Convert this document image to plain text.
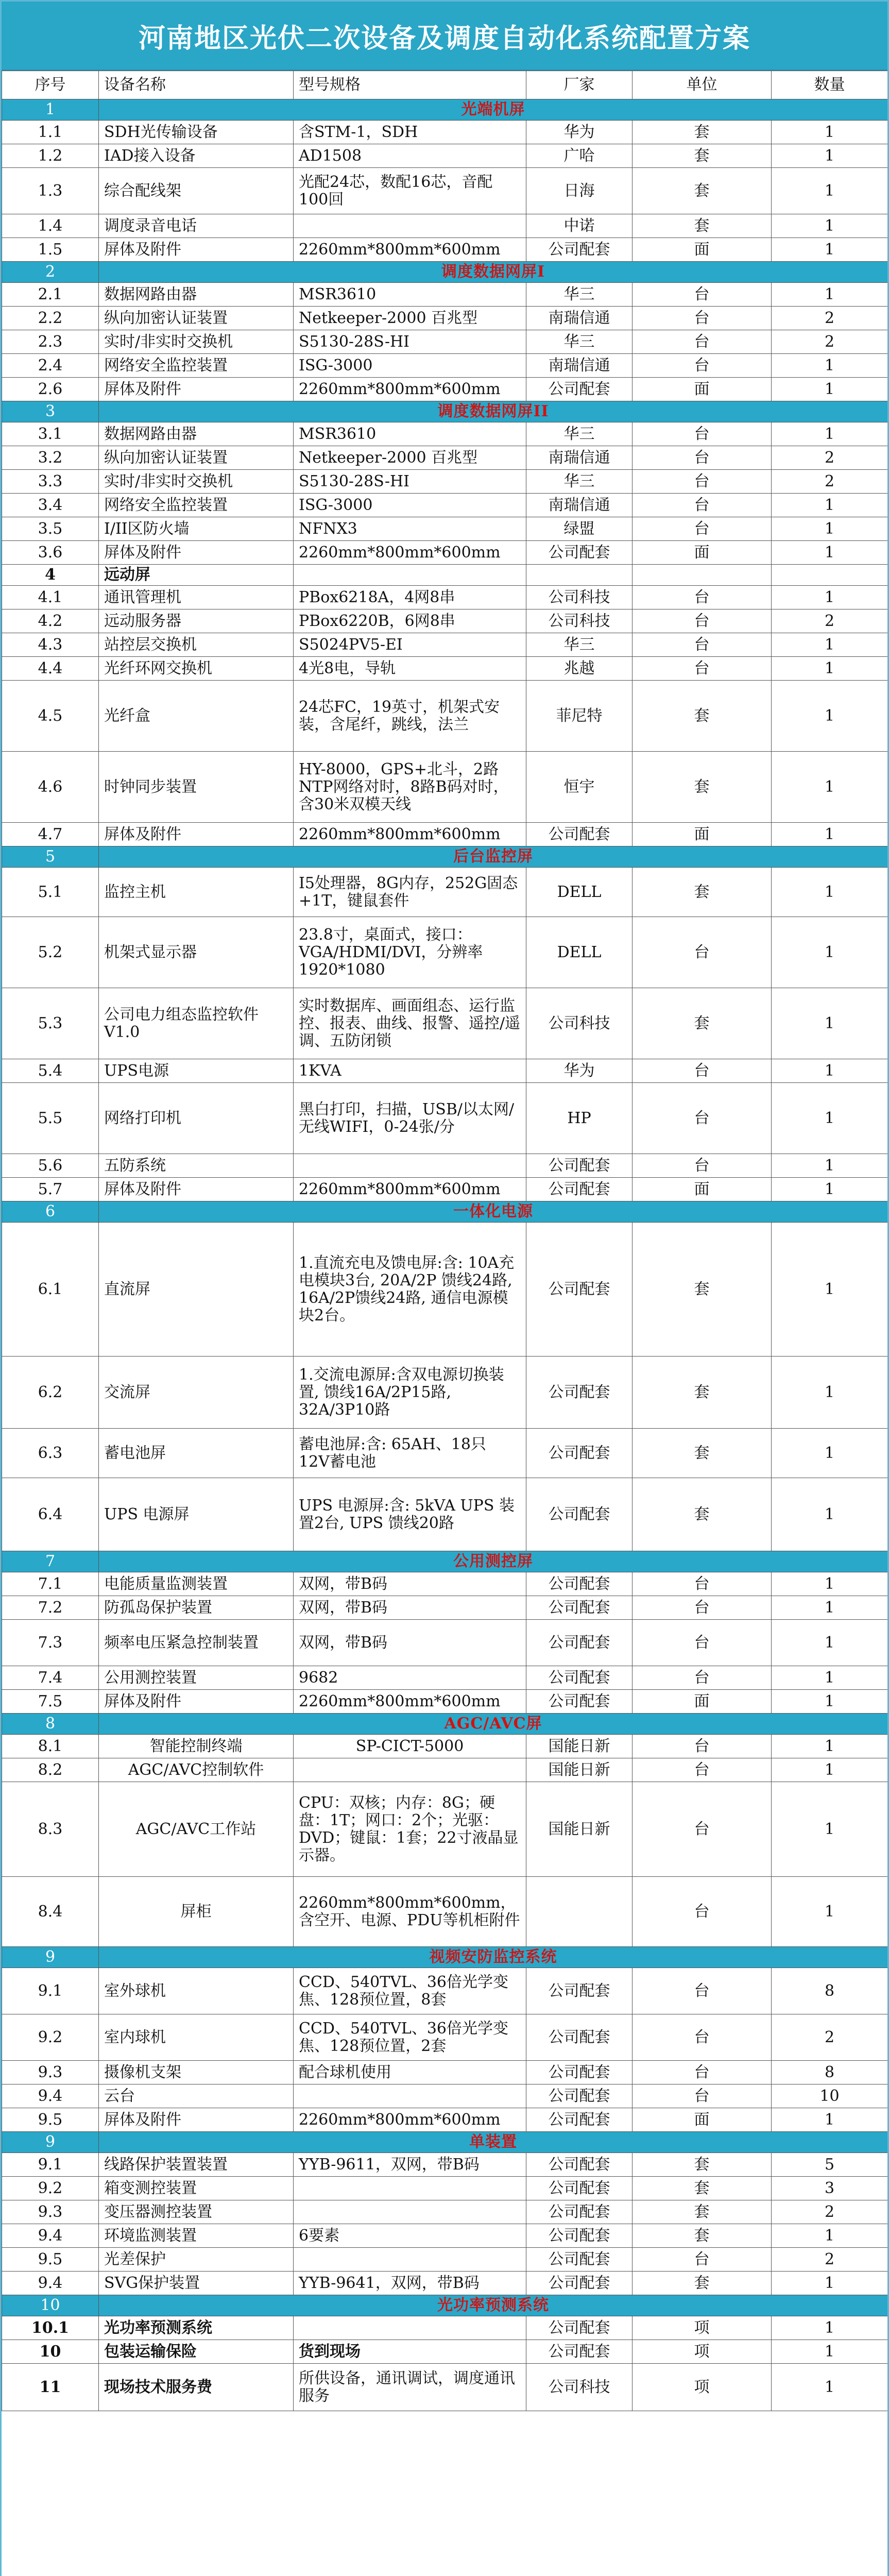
河南地区光伏二次设备及调度自动化系统配置方案
序号	设备名称	型号规格	厂家	单位	数量
1	光端机屏				
1.1	SDH光传输设备	含STM-1，SDH	华为	套	1
1.2	IAD接入设备	AD1508	广哈	套	1
1.3	综合配线架	光配24芯，数配16芯，音配100回	日海	套	1
1.4	调度录音电话		中诺	套	1
1.5	屏体及附件	2260mm*800mm*600mm	公司配套	面	1
2	调度数据网屏I				
2.1	数据网路由器	MSR3610	华三	台	1
2.2	纵向加密认证装置	Netkeeper-2000 百兆型	南瑞信通	台	2
2.3	实时/非实时交换机	S5130-28S-HI	华三	台	2
2.4	网络安全监控装置	ISG-3000	南瑞信通	台	1
2.6	屏体及附件	2260mm*800mm*600mm	公司配套	面	1
3	调度数据网屏II				
3.1	数据网路由器	MSR3610	华三	台	1
3.2	纵向加密认证装置	Netkeeper-2000 百兆型	南瑞信通	台	2
3.3	实时/非实时交换机	S5130-28S-HI	华三	台	2
3.4	网络安全监控装置	ISG-3000	南瑞信通	台	1
3.5	I/II区防火墙	NFNX3	绿盟	台	1
3.6	屏体及附件	2260mm*800mm*600mm	公司配套	面	1
4	远动屏				
4.1	通讯管理机	PBox6218A，4网8串	公司科技	台	1
4.2	远动服务器	PBox6220B，6网8串	公司科技	台	2
4.3	站控层交换机	S5024PV5-EI	华三	台	1
4.4	光纤环网交换机	4光8电，导轨	兆越	台	1
4.5	光纤盒	24芯FC，19英寸，机架式安装，含尾纤，跳线，法兰	菲尼特	套	1
4.6	时钟同步装置	HY-8000，GPS+北斗，2路NTP网络对时，8路B码对时，含30米双模天线	恒宇	套	1
4.7	屏体及附件	2260mm*800mm*600mm	公司配套	面	1
5	后台监控屏				
5.1	监控主机	I5处理器，8G内存，252G固态+1T，键鼠套件	DELL	套	1
5.2	机架式显示器	23.8寸，桌面式，接口：VGA/HDMI/DVI，分辨率1920*1080	DELL	台	1
5.3	公司电力组态监控软件V1.0	实时数据库、画面组态、运行监控、报表、曲线、报警、遥控/遥调、五防闭锁	公司科技	套	1
5.4	UPS电源	1KVA	华为	台	1
5.5	网络打印机	黑白打印，扫描，USB/以太网/无线WIFI，0-24张/分	HP	台	1
5.6	五防系统		公司配套	台	1
5.7	屏体及附件	2260mm*800mm*600mm	公司配套	面	1
6	一体化电源				
6.1	直流屏	1.直流充电及馈电屏:含: 10A充电模块3台, 20A/2P 馈线24路, 16A/2P馈线24路, 通信电源模块2台。	公司配套	套	1
6.2	交流屏	1.交流电源屏:含双电源切换装置, 馈线16A/2P15路, 32A/3P10路	公司配套	套	1
6.3	蓄电池屏	蓄电池屏:含: 65AH、18只 12V蓄电池	公司配套	套	1
6.4	UPS 电源屏	UPS 电源屏:含: 5kVA UPS 装置2台, UPS 馈线20路	公司配套	套	1
7	公用测控屏				
7.1	电能质量监测装置	双网，带B码	公司配套	台	1
7.2	防孤岛保护装置	双网，带B码	公司配套	台	1
7.3	频率电压紧急控制装置	双网，带B码	公司配套	台	1
7.4	公用测控装置	9682	公司配套	台	1
7.5	屏体及附件	2260mm*800mm*600mm	公司配套	面	1
8	AGC/AVC屏				
8.1	智能控制终端	SP-CICT-5000	国能日新	台	1
8.2	AGC/AVC控制软件		国能日新	台	1
8.3	AGC/AVC工作站	CPU：双核；内存：8G；硬盘：1T；网口：2个；光驱：DVD；键鼠：1套；22寸液晶显示器。	国能日新	台	1
8.4	屏柜	2260mm*800mm*600mm，含空开、电源、PDU等机柜附件		台	1
9	视频安防监控系统				
9.1	室外球机	CCD、540TVL、36倍光学变焦、128预位置，8套	公司配套	台	8
9.2	室内球机	CCD、540TVL、36倍光学变焦、128预位置，2套	公司配套	台	2
9.3	摄像机支架	配合球机使用	公司配套	台	8
9.4	云台		公司配套	台	10
9.5	屏体及附件	2260mm*800mm*600mm	公司配套	面	1
9	单装置				
9.1	线路保护装置装置	YYB-9611，双网，带B码	公司配套	套	5
9.2	箱变测控装置		公司配套	套	3
9.3	变压器测控装置		公司配套	套	2
9.4	环境监测装置	6要素	公司配套	套	1
9.5	光差保护		公司配套	台	2
9.4	SVG保护装置	YYB-9641，双网，带B码	公司配套	套	1
10	光功率预测系统				
10.1	光功率预测系统		公司配套	项	1
10	包装运输保险	货到现场	公司配套	项	1
11	现场技术服务费	所供设备，通讯调试，调度通讯服务	公司科技	项	1
